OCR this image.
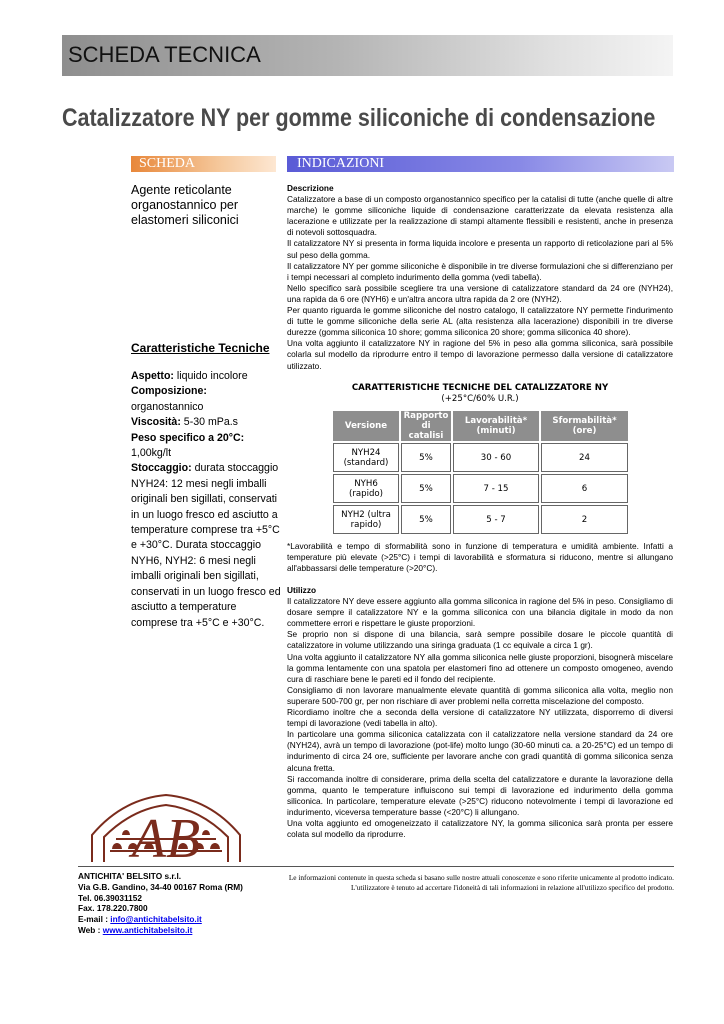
SCHEDA TECNICA
Catalizzatore NY per gomme siliconiche di condensazione
SCHEDA	INDICAZIONI
Agente reticolante organostannico per elastomeri siliconici
Caratteristiche Tecniche

Aspetto: liquido incolore

Composizione: organostannico

Viscosità: 5-30 mPa.s

Peso specifico a 20°C: 1,00kg/lt

Stoccaggio: durata stoccaggio NYH24: 12 mesi negli imballi originali ben sigillati, conservati in un luogo fresco ed asciutto a temperature comprese tra +5°C e +30°C. Durata stoccaggio NYH6, NYH2: 6 mesi negli imballi originali ben sigillati, conservati in un luogo fresco ed asciutto a temperature comprese tra +5°C e +30°C.

Descrizione

Catalizzatore a base di un composto organostannico specifico per la catalisi di tutte (anche quelle di altre marche) le gomme siliconiche liquide di condensazione caratterizzate da elevata resistenza alla lacerazione e utilizzate per la realizzazione di stampi altamente flessibili e resistenti, anche in presenza di notevoli sottosquadra.

Il catalizzatore NY si presenta in forma liquida incolore e presenta un rapporto di reticolazione pari al 5% sul peso della gomma.

Il catalizzatore NY per gomme siliconiche è disponibile in tre diverse formulazioni che si differenziano per i tempi necessari al completo indurimento della gomma (vedi tabella).

Nello specifico sarà possibile scegliere tra una versione di catalizzatore standard da 24 ore (NYH24), una rapida da 6 ore (NYH6) e un'altra ancora ultra rapida da 2 ore (NYH2).

Per quanto riguarda le gomme siliconiche del nostro catalogo, Il catalizzatore NY permette l'indurimento di tutte le gomme siliconiche della serie AL (alta resistenza alla lacerazione) disponibili in tre diverse durezze (gomma siliconica 10 shore; gomma siliconica 20 shore; gomma siliconica 40 shore).

Una volta aggiunto il catalizzatore NY in ragione del 5% in peso alla gomma siliconica, sarà possibile colarla sul modello da riprodurre entro il tempo di lavorazione permesso dalla versione di catalizzatore utilizzato.

CARATTERISTICHE TECNICHE DEL CATALIZZATORE NY
(+25°C/60% U.R.)
Versione	Rapporto di catalisi	Lavorabilità* (minuti)	Sformabilità* (ore)
NYH24 (standard)	5%	30 - 60	24
NYH6 (rapido)	5%	7 - 15	6
NYH2 (ultra rapido)	5%	5 - 7	2
*Lavorabilità e tempo di sformabilità sono in funzione di temperatura e umidità ambiente. Infatti a temperature più elevate (>25°C) i tempi di lavorabilità e sformatura si riducono, mentre si allungano all'abbassarsi delle temperature (>20°C).

Utilizzo

Il catalizzatore NY deve essere aggiunto alla gomma siliconica in ragione del 5% in peso. Consigliamo di dosare sempre il catalizzatore NY e la gomma siliconica con una bilancia digitale in modo da non commettere errori e rispettare le giuste proporzioni.

Se proprio non si dispone di una bilancia, sarà sempre possibile dosare le piccole quantità di catalizzatore in volume utilizzando una siringa graduata (1 cc equivale a circa 1 gr).

Una volta aggiunto il catalizzatore NY alla gomma siliconica nelle giuste proporzioni, bisognerà miscelare la gomma lentamente con una spatola per elastomeri fino ad ottenere un composto omogeneo, avendo cura di raschiare bene le pareti ed il fondo del recipiente.

Consigliamo di non lavorare manualmente elevate quantità di gomma siliconica alla volta, meglio non superare 500-700 gr, per non rischiare di aver problemi nella corretta miscelazione del composto.

Ricordiamo inoltre che a seconda della versione di catalizzatore NY utilizzata, disporremo di diversi tempi di lavorazione (vedi tabella in alto).

In particolare una gomma siliconica catalizzata con il catalizzatore nella versione standard da 24 ore (NYH24), avrà un tempo di lavorazione (pot-life) molto lungo (30-60 minuti ca. a 20-25°C) ed un tempo di indurimento di circa 24 ore, sufficiente per lavorare anche con gradi quantità di gomma siliconica senza alcuna fretta.

Si raccomanda inoltre di considerare, prima della scelta del catalizzatore e durante la lavorazione della gomma, quanto le temperature influiscono sui tempi di lavorazione ed indurimento della gomma siliconica. In particolare, temperature elevate (>25°C) riducono notevolmente i tempi di lavorazione ed indurimento, viceversa temperature basse (<20°C) li allungano.

Una volta aggiunto ed omogeneizzato il catalizzatore NY, la gomma siliconica sarà pronta per essere colata sul modello da riprodurre.

AB
ANTICHITA' BELSITO s.r.l.
Via G.B. Gandino, 34-40 00167 Roma (RM)
Tel. 06.39031152
Fax. 178.220.7800
E-mail : info@antichitabelsito.it
Web : www.antichitabelsito.it
Le informazioni contenute in questa scheda si basano sulle nostre attuali conoscenze e sono riferite unicamente al prodotto indicato.
L'utilizzatore è tenuto ad accertare l'idoneità di tali informazioni in relazione all'utilizzo specifico del prodotto.
